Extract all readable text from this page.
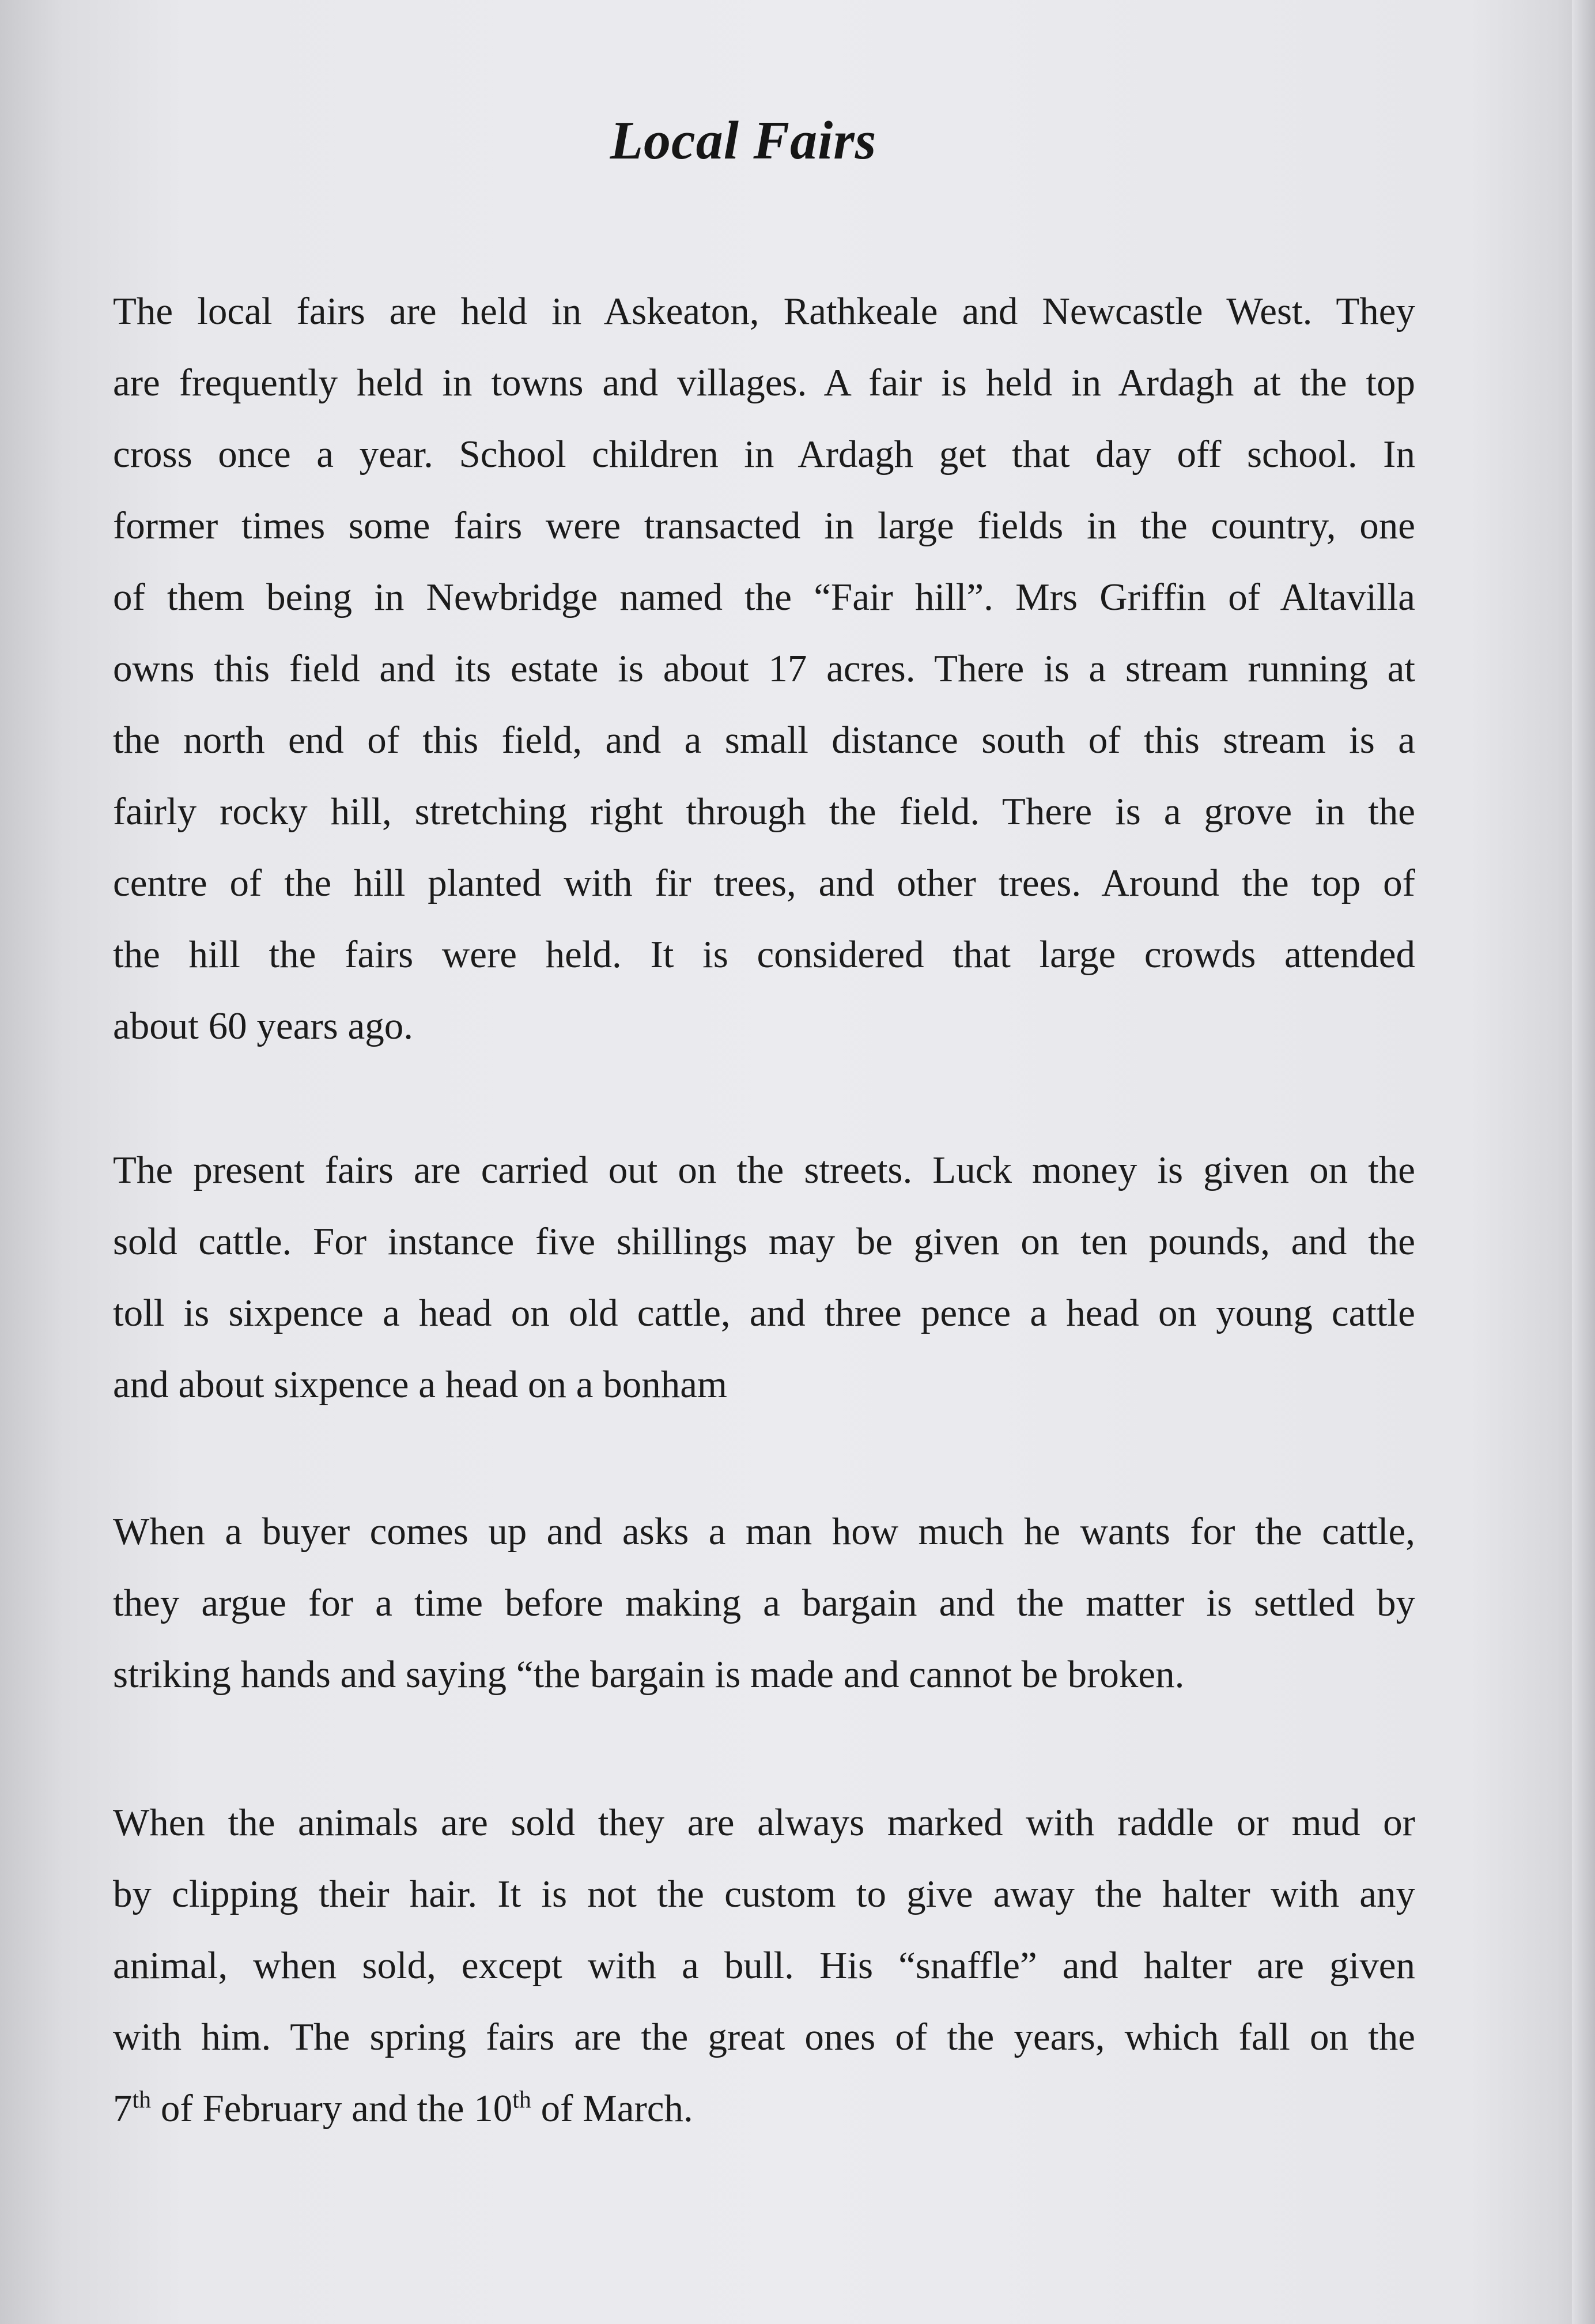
Local Fairs
The local fairs are held in Askeaton, Rathkeale and Newcastle West. They
are frequently held in towns and villages. A fair is held in Ardagh at the top
cross once a year. School children in Ardagh get that day off school. In
former times some fairs were transacted in large fields in the country, one
of them being in Newbridge named the “Fair hill”. Mrs Griffin of Altavilla
owns this field and its estate is about 17 acres. There is a stream running at
the north end of this field, and a small distance south of this stream is a
fairly rocky hill, stretching right through the field. There is a grove in the
centre of the hill planted with fir trees, and other trees. Around the top of
the hill the fairs were held. It is considered that large crowds attended
about 60 years ago.
The present fairs are carried out on the streets. Luck money is given on the
sold cattle. For instance five shillings may be given on ten pounds, and the
toll is sixpence a head on old cattle, and three pence a head on young cattle
and about sixpence a head on a bonham
When a buyer comes up and asks a man how much he wants for the cattle,
they argue for a time before making a bargain and the matter is settled by
striking hands and saying “the bargain is made and cannot be broken.
When the animals are sold they are always marked with raddle or mud or
by clipping their hair. It is not the custom to give away the halter with any
animal, when sold, except with a bull. His “snaffle” and halter are given
with him. The spring fairs are the great ones of the years, which fall on the
7th of February and the 10th of March.
